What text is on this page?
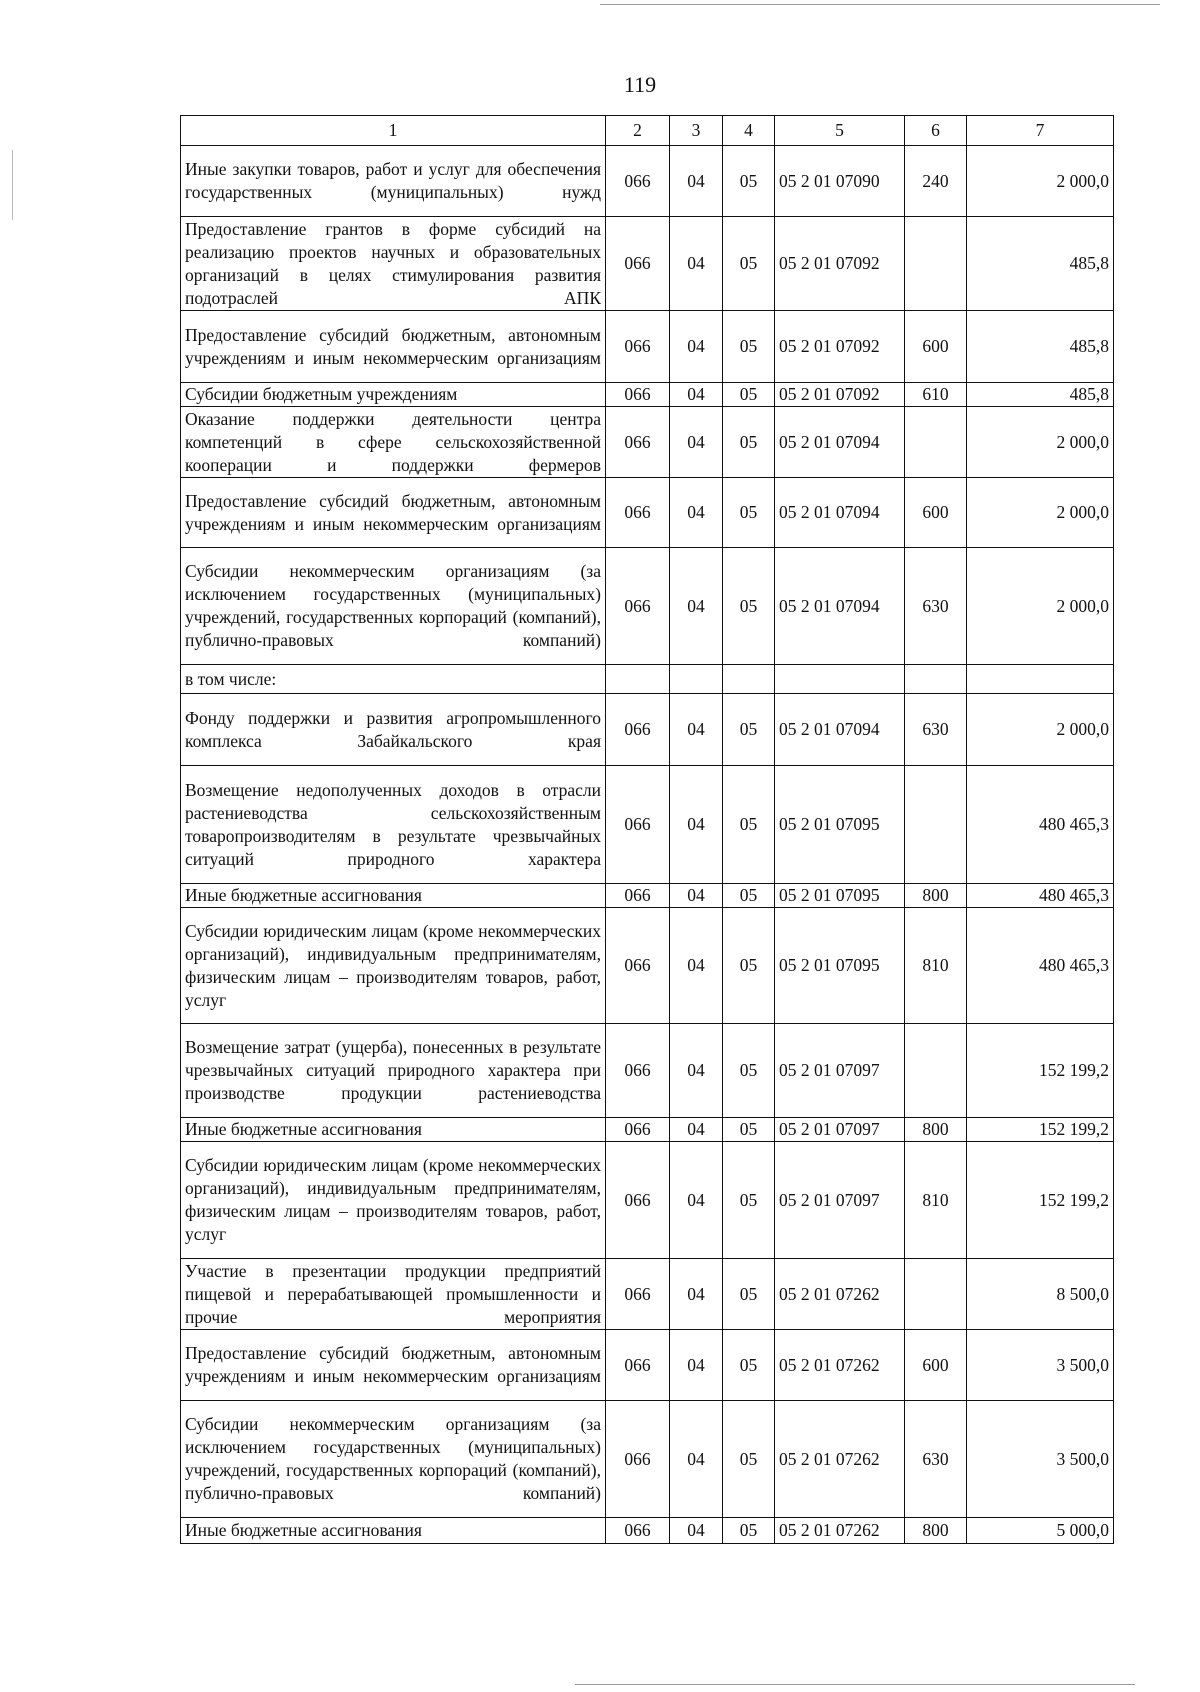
119
1	2	3	4	5	6	7
Иные закупки товаров, работ и услуг для обеспечения государственных (муниципальных) нужд	066	04	05	05 2 01 07090	240	2 000,0
Предоставление грантов в форме субсидий на реализацию проектов научных и образовательных организаций в целях стимулирования развития подотраслей АПК	066	04	05	05 2 01 07092		485,8
Предоставление субсидий бюджетным, автономным учреждениям и иным некоммерческим организациям	066	04	05	05 2 01 07092	600	485,8
Субсидии бюджетным учреждениям	066	04	05	05 2 01 07092	610	485,8
Оказание поддержки деятельности центра компетенций в сфере сельскохозяйственной кооперации и поддержки фермеров	066	04	05	05 2 01 07094		2 000,0
Предоставление субсидий бюджетным, автономным учреждениям и иным некоммерческим организациям	066	04	05	05 2 01 07094	600	2 000,0
Субсидии некоммерческим организациям (за исключением государственных (муниципальных) учреждений, государственных корпораций (компаний), публично-правовых компаний)	066	04	05	05 2 01 07094	630	2 000,0
в том числе:						
Фонду поддержки и развития агропромышленного комплекса Забайкальского края	066	04	05	05 2 01 07094	630	2 000,0
Возмещение недополученных доходов в отрасли растениеводства сельскохозяйственным товаропроизводителям в результате чрезвычайных ситуаций природного характера	066	04	05	05 2 01 07095		480 465,3
Иные бюджетные ассигнования	066	04	05	05 2 01 07095	800	480 465,3
Субсидии юридическим лицам (кроме некоммерческих организаций), индивидуальным предпринимателям, физическим лицам – производителям товаров, работ, услуг	066	04	05	05 2 01 07095	810	480 465,3
Возмещение затрат (ущерба), понесенных в результате чрезвычайных ситуаций природного характера при производстве продукции растениеводства	066	04	05	05 2 01 07097		152 199,2
Иные бюджетные ассигнования	066	04	05	05 2 01 07097	800	152 199,2
Субсидии юридическим лицам (кроме некоммерческих организаций), индивидуальным предпринимателям, физическим лицам – производителям товаров, работ, услуг	066	04	05	05 2 01 07097	810	152 199,2
Участие в презентации продукции предприятий пищевой и перерабатывающей промышленности и прочие мероприятия	066	04	05	05 2 01 07262		8 500,0
Предоставление субсидий бюджетным, автономным учреждениям и иным некоммерческим организациям	066	04	05	05 2 01 07262	600	3 500,0
Субсидии некоммерческим организациям (за исключением государственных (муниципальных) учреждений, государственных корпораций (компаний), публично-правовых компаний)	066	04	05	05 2 01 07262	630	3 500,0
Иные бюджетные ассигнования	066	04	05	05 2 01 07262	800	5 000,0
